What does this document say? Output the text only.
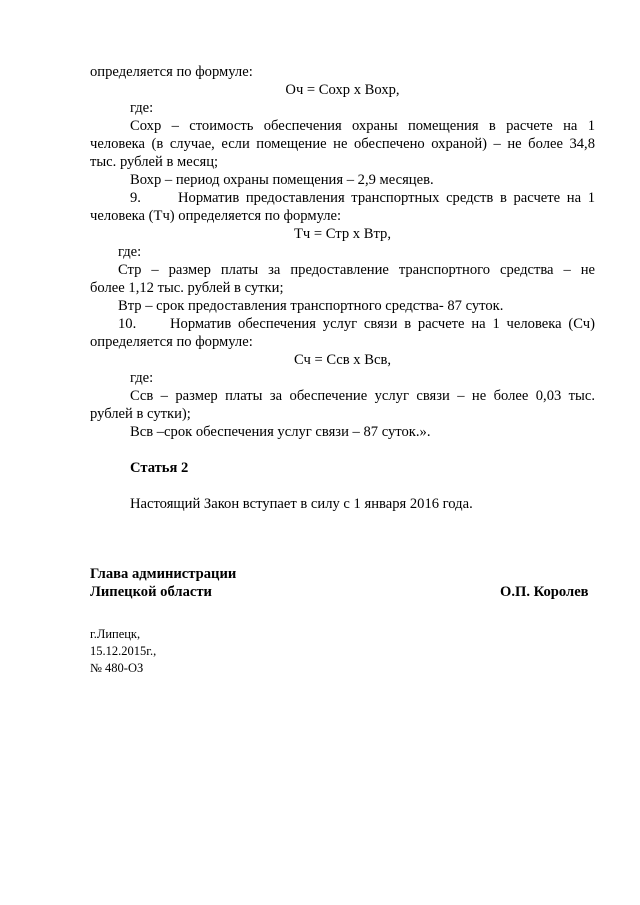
определяется по формуле:
Оч = Сохр х Вохр,
где:
Сохр – стоимость обеспечения охраны помещения в расчете на 1
человека (в случае, если помещение не обеспечено охраной) – не более 34,8
тыс. рублей в месяц;
Вохр – период охраны помещения – 2,9 месяцев.
9.	Норматив предоставления транспортных средств в расчете на 1
человека (Тч) определяется по формуле:
Тч = Стр х Втр,
где:
Стр – размер платы за предоставление транспортного средства – не
более 1,12 тыс. рублей в сутки;
Втр – срок предоставления транспортного средства- 87 суток.
10. Норматив обеспечения услуг связи в расчете на 1 человека (Сч)
определяется по формуле:
Сч = Ссв х Всв,
где:
Ссв – размер платы за обеспечение услуг связи – не более 0,03 тыс.
рублей в сутки);
Всв –срок обеспечения услуг связи – 87 суток.».
Статья 2
Настоящий Закон вступает в силу с 1 января 2016 года.
Глава администрации
Липецкой области	О.П. Королев
г.Липецк,
15.12.2015г.,
№ 480-ОЗ
